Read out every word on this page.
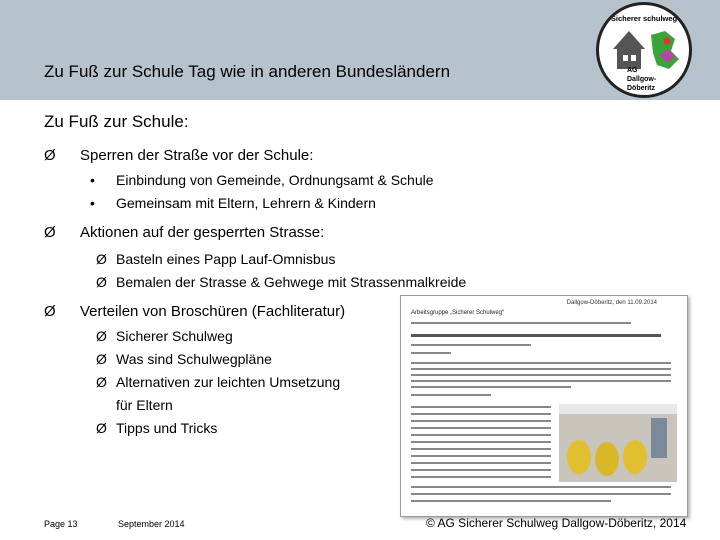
Zu Fuß zur Schule Tag wie in anderen Bundesländern
Sicherer schulweg
AG
Dallgow-
Döberitz
Zu Fuß zur Schule:
Ø Sperren der Straße vor der Schule:
• Einbindung von Gemeinde, Ordnungsamt & Schule
• Gemeinsam mit Eltern, Lehrern & Kindern
Ø Aktionen auf der gesperrten Strasse:
Ø Basteln eines Papp Lauf-Omnisbus
Ø Bemalen der Strasse & Gehwege mit Strassenmalkreide
Ø Verteilen von Broschüren (Fachliteratur)
Ø Sicherer Schulweg
Ø Was sind Schulwegpläne
Ø Alternativen zur leichten Umsetzung
für Eltern
Ø Tipps und Tricks
Dallgow-Döberitz, den 11.09.2014
Arbeitsgruppe „Sicherer Schulweg“
Page 13	September 2014	© AG Sicherer Schulweg Dallgow-Döberitz, 2014
